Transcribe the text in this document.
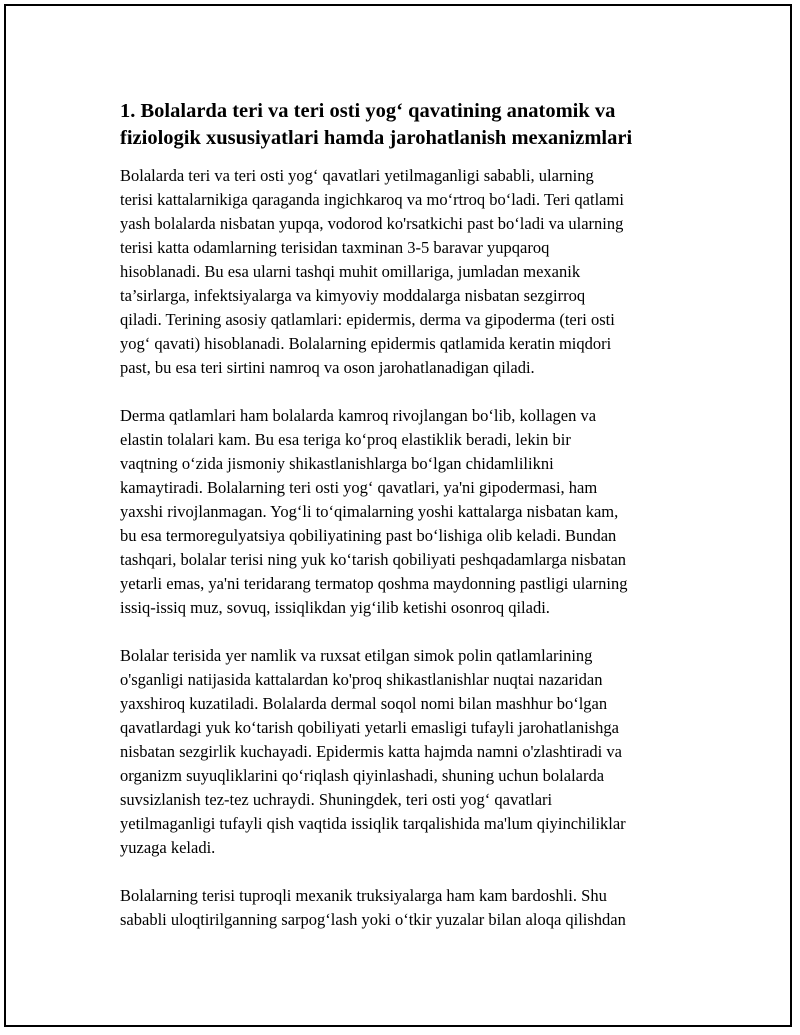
1. Bolalarda teri va teri osti yog‘ qavatining anatomik va
fiziologik xususiyatlari hamda jarohatlanish mexanizmlari

Bolalarda teri va teri osti yog‘ qavatlari yetilmaganligi sababli, ularning
terisi kattalarnikiga qaraganda ingichkaroq va mo‘rtroq bo‘ladi. Teri qatlami
yash bolalarda nisbatan yupqa, vodorod ko'rsatkichi past bo‘ladi va ularning
terisi katta odamlarning terisidan taxminan 3-5 baravar yupqaroq
hisoblanadi. Bu esa ularni tashqi muhit omillariga, jumladan mexanik
ta’sirlarga, infektsiyalarga va kimyoviy moddalarga nisbatan sezgirroq
qiladi. Terining asosiy qatlamlari: epidermis, derma va gipoderma (teri osti
yog‘ qavati) hisoblanadi. Bolalarning epidermis qatlamida keratin miqdori
past, bu esa teri sirtini namroq va oson jarohatlanadigan qiladi.

Derma qatlamlari ham bolalarda kamroq rivojlangan bo‘lib, kollagen va
elastin tolalari kam. Bu esa teriga ko‘proq elastiklik beradi, lekin bir
vaqtning o‘zida jismoniy shikastlanishlarga bo‘lgan chidamlilikni
kamaytiradi. Bolalarning teri osti yog‘ qavatlari, ya'ni gipodermasi, ham
yaxshi rivojlanmagan. Yog‘li to‘qimalarning yoshi kattalarga nisbatan kam,
bu esa termoregulyatsiya qobiliyatining past bo‘lishiga olib keladi. Bundan
tashqari, bolalar terisi ning yuk ko‘tarish qobiliyati peshqadamlarga nisbatan
yetarli emas, ya'ni teridarang termatop qoshma maydonning pastligi ularning
issiq-issiq muz, sovuq, issiqlikdan yig‘ilib ketishi osonroq qiladi.

Bolalar terisida yer namlik va ruxsat etilgan simok polin qatlamlarining
o'sganligi natijasida kattalardan ko'proq shikastlanishlar nuqtai nazaridan
yaxshiroq kuzatiladi. Bolalarda dermal soqol nomi bilan mashhur bo‘lgan
qavatlardagi yuk ko‘tarish qobiliyati yetarli emasligi tufayli jarohatlanishga
nisbatan sezgirlik kuchayadi. Epidermis katta hajmda namni o'zlashtiradi va
organizm suyuqliklarini qo‘riqlash qiyinlashadi, shuning uchun bolalarda
suvsizlanish tez-tez uchraydi. Shuningdek, teri osti yog‘ qavatlari
yetilmaganligi tufayli qish vaqtida issiqlik tarqalishida ma'lum qiyinchiliklar
yuzaga keladi.

Bolalarning terisi tuproqli mexanik truksiyalarga ham kam bardoshli. Shu
sababli uloqtirilganning sarpog‘lash yoki o‘tkir yuzalar bilan aloqa qilishdan
